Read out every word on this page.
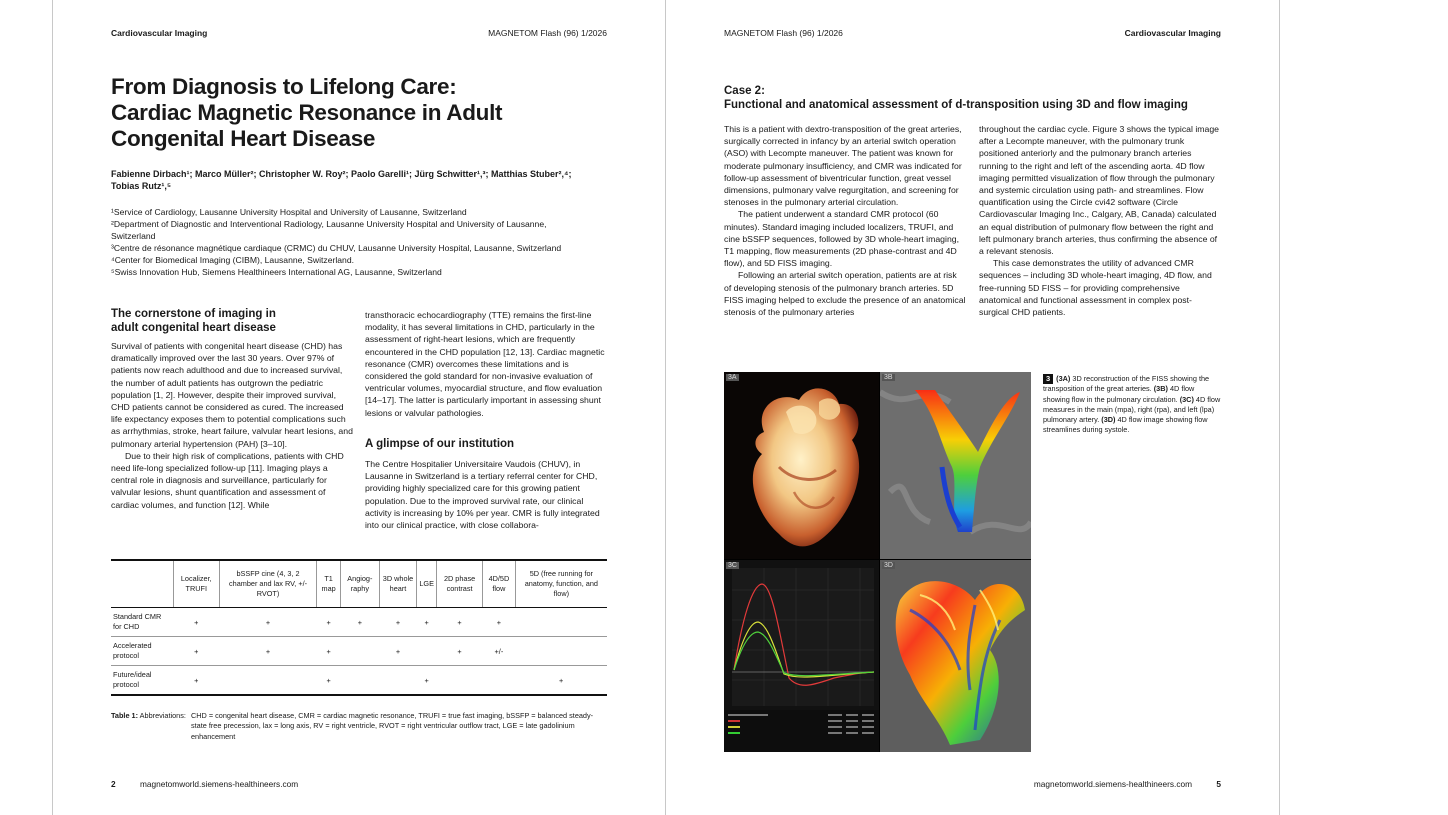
Cardiovascular Imaging	MAGNETOM Flash (96) 1/2026
From Diagnosis to Lifelong Care:
Cardiac Magnetic Resonance in Adult
Congenital Heart Disease
Fabienne Dirbach¹; Marco Müller²; Christopher W. Roy²; Paolo Garelli¹; Jürg Schwitter¹,³; Matthias Stuber²,⁴;
Tobias Rutz¹,⁵
¹Service of Cardiology, Lausanne University Hospital and University of Lausanne, Switzerland
²Department of Diagnostic and Interventional Radiology, Lausanne University Hospital and University of Lausanne,
Switzerland
³Centre de résonance magnétique cardiaque (CRMC) du CHUV, Lausanne University Hospital, Lausanne, Switzerland
⁴Center for Biomedical Imaging (CIBM), Lausanne, Switzerland.
⁵Swiss Innovation Hub, Siemens Healthineers International AG, Lausanne, Switzerland
The cornerstone of imaging in
adult congenital heart disease

Survival of patients with congenital heart disease (CHD) has dramatically improved over the last 30 years. Over 97% of patients now reach adulthood and due to increased survival, the number of adult patients has outgrown the pediatric population [1, 2]. However, despite their improved survival, CHD patients cannot be considered as cured. The increased life expectancy exposes them to potential complications such as arrhythmias, stroke, heart failure, valvular heart lesions, and pulmonary arterial hypertension (PAH) [3–10].

Due to their high risk of complications, patients with CHD need life-long specialized follow-up [11]. Imaging plays a central role in diagnosis and surveillance, particularly for valvular lesions, shunt quantification and assessment of cardiac volumes, and function [12]. While

transthoracic echocardiography (TTE) remains the first-line modality, it has several limitations in CHD, particularly in the assessment of right-heart lesions, which are frequently encountered in the CHD population [12, 13]. Cardiac magnetic resonance (CMR) overcomes these limitations and is considered the gold standard for non-invasive evaluation of ventricular volumes, myocardial structure, and flow evaluation [14–17]. The latter is particularly important in assessing shunt lesions or valvular pathologies.

A glimpse of our institution

The Centre Hospitalier Universitaire Vaudois (CHUV), in Lausanne in Switzerland is a tertiary referral center for CHD, providing highly specialized care for this growing patient population. Due to the improved survival rate, our clinical activity is increasing by 10% per year. CMR is fully integrated into our clinical practice, with close collabora-

	Localizer, TRUFI	bSSFP cine (4, 3, 2 chamber and lax RV, +/- RVOT)	T1 map	Angiog-raphy	3D whole heart	LGE	2D phase contrast	4D/5D flow	5D (free running for anatomy, function, and flow)
Standard CMR for CHD	+	+	+	+	+	+	+	+	
Accelerated protocol	+	+	+		+		+	+/-	
Future/ideal protocol	+		+			+			+
Table 1: Abbreviations: CHD = congenital heart disease, CMR = cardiac magnetic resonance, TRUFI = true fast imaging, bSSFP = balanced steady-state free precession, lax = long axis, RV = right ventricle, RVOT = right ventricular outflow tract, LGE = late gadolinium enhancement
2	magnetomworld.siemens-healthineers.com
MAGNETOM Flash (96) 1/2026	Cardiovascular Imaging
Case 2:
Functional and anatomical assessment of d-transposition using 3D and flow imaging

This is a patient with dextro-transposition of the great arteries, surgically corrected in infancy by an arterial switch operation (ASO) with Lecompte maneuver. The patient was known for moderate pulmonary insufficiency, and CMR was indicated for follow-up assessment of biventricular function, great vessel dimensions, pulmonary valve regurgitation, and screening for stenoses in the pulmonary arterial circulation.

The patient underwent a standard CMR protocol (60 minutes). Standard imaging included localizers, TRUFI, and cine bSSFP sequences, followed by 3D whole-heart imaging, T1 mapping, flow measurements (2D phase-contrast and 4D flow), and 5D FISS imaging.

Following an arterial switch operation, patients are at risk of developing stenosis of the pulmonary branch arteries. 5D FISS imaging helped to exclude the presence of an anatomical stenosis of the pulmonary arteries

throughout the cardiac cycle. Figure 3 shows the typical image after a Lecompte maneuver, with the pulmonary trunk positioned anteriorly and the pulmonary branch arteries running to the right and left of the ascending aorta. 4D flow imaging permitted visualization of flow through the pulmonary and systemic circulation using path- and streamlines. Flow quantification using the Circle cvi42 software (Circle Cardiovascular Imaging Inc., Calgary, AB, Canada) calculated an equal distribution of pulmonary flow between the right and left pulmonary branch arteries, thus confirming the absence of a relevant stenosis.

This case demonstrates the utility of advanced CMR sequences – including 3D whole-heart imaging, 4D flow, and free-running 5D FISS – for providing comprehensive anatomical and functional assessment in complex post-surgical CHD patients.

3A	3B
3C	3D
3 (3A) 3D reconstruction of the FISS showing the transposition of the great arteries. (3B) 4D flow showing flow in the pulmonary circulation. (3C) 4D flow measures in the main (mpa), right (rpa), and left (lpa) pulmonary artery. (3D) 4D flow image showing flow streamlines during systole.
magnetomworld.siemens-healthineers.com	5
